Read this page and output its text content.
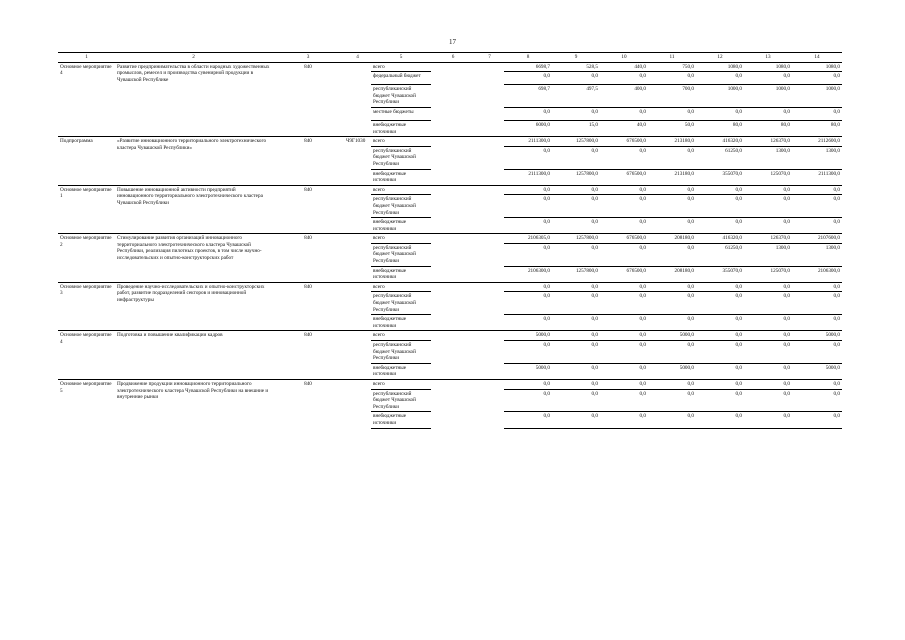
17
1	2	3	4	5	6	7	8	9	10	11	12	13	14
Основное мероприятие 4	Развитие предпринимательства в области народных художественных промыслов, ремесел и производства сувенирной продукции в Чувашской Республике	840		всего			6698,7	528,5	440,0	750,0	1080,0	1080,0	1080,0
				федеральный бюджет			0,0	0,0	0,0	0,0	0,0	0,0	0,0
				республиканский бюджет Чувашской Республики			698,7	497,5	400,0	700,0	1000,0	1000,0	1000,0
				местные бюджеты			0,0	0,0	0,0	0,0	0,0	0,0	0,0
				внебюджетные источники			6000,0	15,0	40,0	50,0	80,0	80,0	80,0
Подпрограмма	«Развитие инновационного территориального электротехнического кластера Чувашской Республики»	840	Ч9Г1030	всего			2111300,0	1257800,0	676500,0	213180,0	416320,0	126370,0	2112600,0
				республиканский бюджет Чувашской Республики			0,0	0,0	0,0	0,0	61250,0	1300,0	1300,0
				внебюджетные источники			2111300,0	1257800,0	676500,0	213180,0	355070,0	125070,0	2111300,0
Основное мероприятие 1	Повышение инновационной активности предприятий инновационного территориального электротехнического кластера Чувашской Республики	840		всего			0,0	0,0	0,0	0,0	0,0	0,0	0,0
				республиканский бюджет Чувашской Республики			0,0	0,0	0,0	0,0	0,0	0,0	0,0
				внебюджетные источники			0,0	0,0	0,0	0,0	0,0	0,0	0,0
Основное мероприятие 2	Стимулирование развития организаций инновационного территориального электротехнического кластера Чувашской Республики, реализация пилотных проектов, в том числе научно-исследовательских и опытно-конструкторских работ	840		всего			2106305,0	1257800,0	676500,0	208180,0	416320,0	126370,0	2107600,0
				республиканский бюджет Чувашской Республики			0,0	0,0	0,0	0,0	61250,0	1300,0	1300,0
				внебюджетные источники			2106300,0	1257800,0	676500,0	208180,0	355070,0	125070,0	2106300,0
Основное мероприятие 3	Проведение научно-исследовательских и опытно-конструкторских работ, развитие подразделений секторов и инновационной инфраструктуры	840		всего			0,0	0,0	0,0	0,0	0,0	0,0	0,0
				республиканский бюджет Чувашской Республики			0,0	0,0	0,0	0,0	0,0	0,0	0,0
				внебюджетные источники			0,0	0,0	0,0	0,0	0,0	0,0	0,0
Основное мероприятие 4	Подготовка и повышение квалификации кадров	840		всего			5000,0	0,0	0,0	5000,0	0,0	0,0	5000,0
				республиканский бюджет Чувашской Республики			0,0	0,0	0,0	0,0	0,0	0,0	0,0
				внебюджетные источники			5000,0	0,0	0,0	5000,0	0,0	0,0	5000,0
Основное мероприятие 5	Продвижение продукции инновационного территориального электротехнического кластера Чувашской Республики на внешние и внутренние рынки	840		всего			0,0	0,0	0,0	0,0	0,0	0,0	0,0
				республиканский бюджет Чувашской Республики			0,0	0,0	0,0	0,0	0,0	0,0	0,0
				внебюджетные источники			0,0	0,0	0,0	0,0	0,0	0,0	0,0
